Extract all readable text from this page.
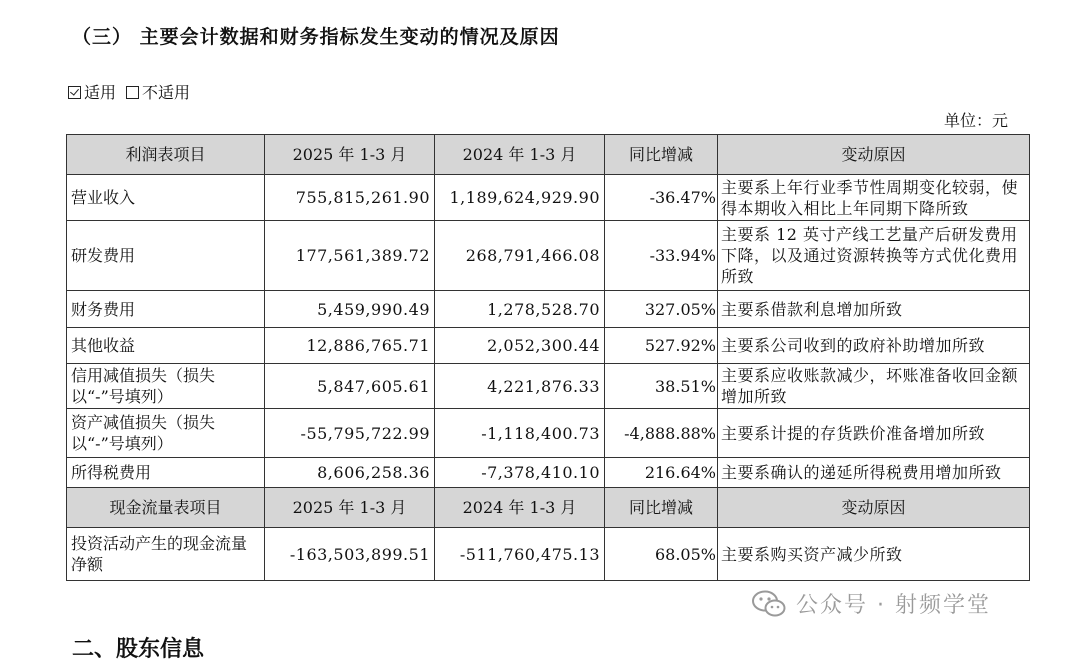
（三） 主要会计数据和财务指标发生变动的情况及原因
适用 不适用
单位：元
利润表项目	2025 年 1-3 月	2024 年 1-3 月	同比增减	变动原因
营业收入	755,815,261.90	1,189,624,929.90	-36.47%	主要系上年行业季节性周期变化较弱，使得本期收入相比上年同期下降所致
研发费用	177,561,389.72	268,791,466.08	-33.94%	主要系 12 英寸产线工艺量产后研发费用下降，以及通过资源转换等方式优化费用所致
财务费用	5,459,990.49	1,278,528.70	327.05%	主要系借款利息增加所致
其他收益	12,886,765.71	2,052,300.44	527.92%	主要系公司收到的政府补助增加所致
信用减值损失（损失以“-”号填列）	5,847,605.61	4,221,876.33	38.51%	主要系应收账款减少，坏账准备收回金额增加所致
资产减值损失（损失以“-”号填列）	-55,795,722.99	-1,118,400.73	-4,888.88%	主要系计提的存货跌价准备增加所致
所得税费用	8,606,258.36	-7,378,410.10	216.64%	主要系确认的递延所得税费用增加所致
现金流量表项目	2025 年 1-3 月	2024 年 1-3 月	同比增减	变动原因
投资活动产生的现金流量净额	-163,503,899.51	-511,760,475.13	68.05%	主要系购买资产减少所致
公众号 · 射频学堂
二、股东信息
